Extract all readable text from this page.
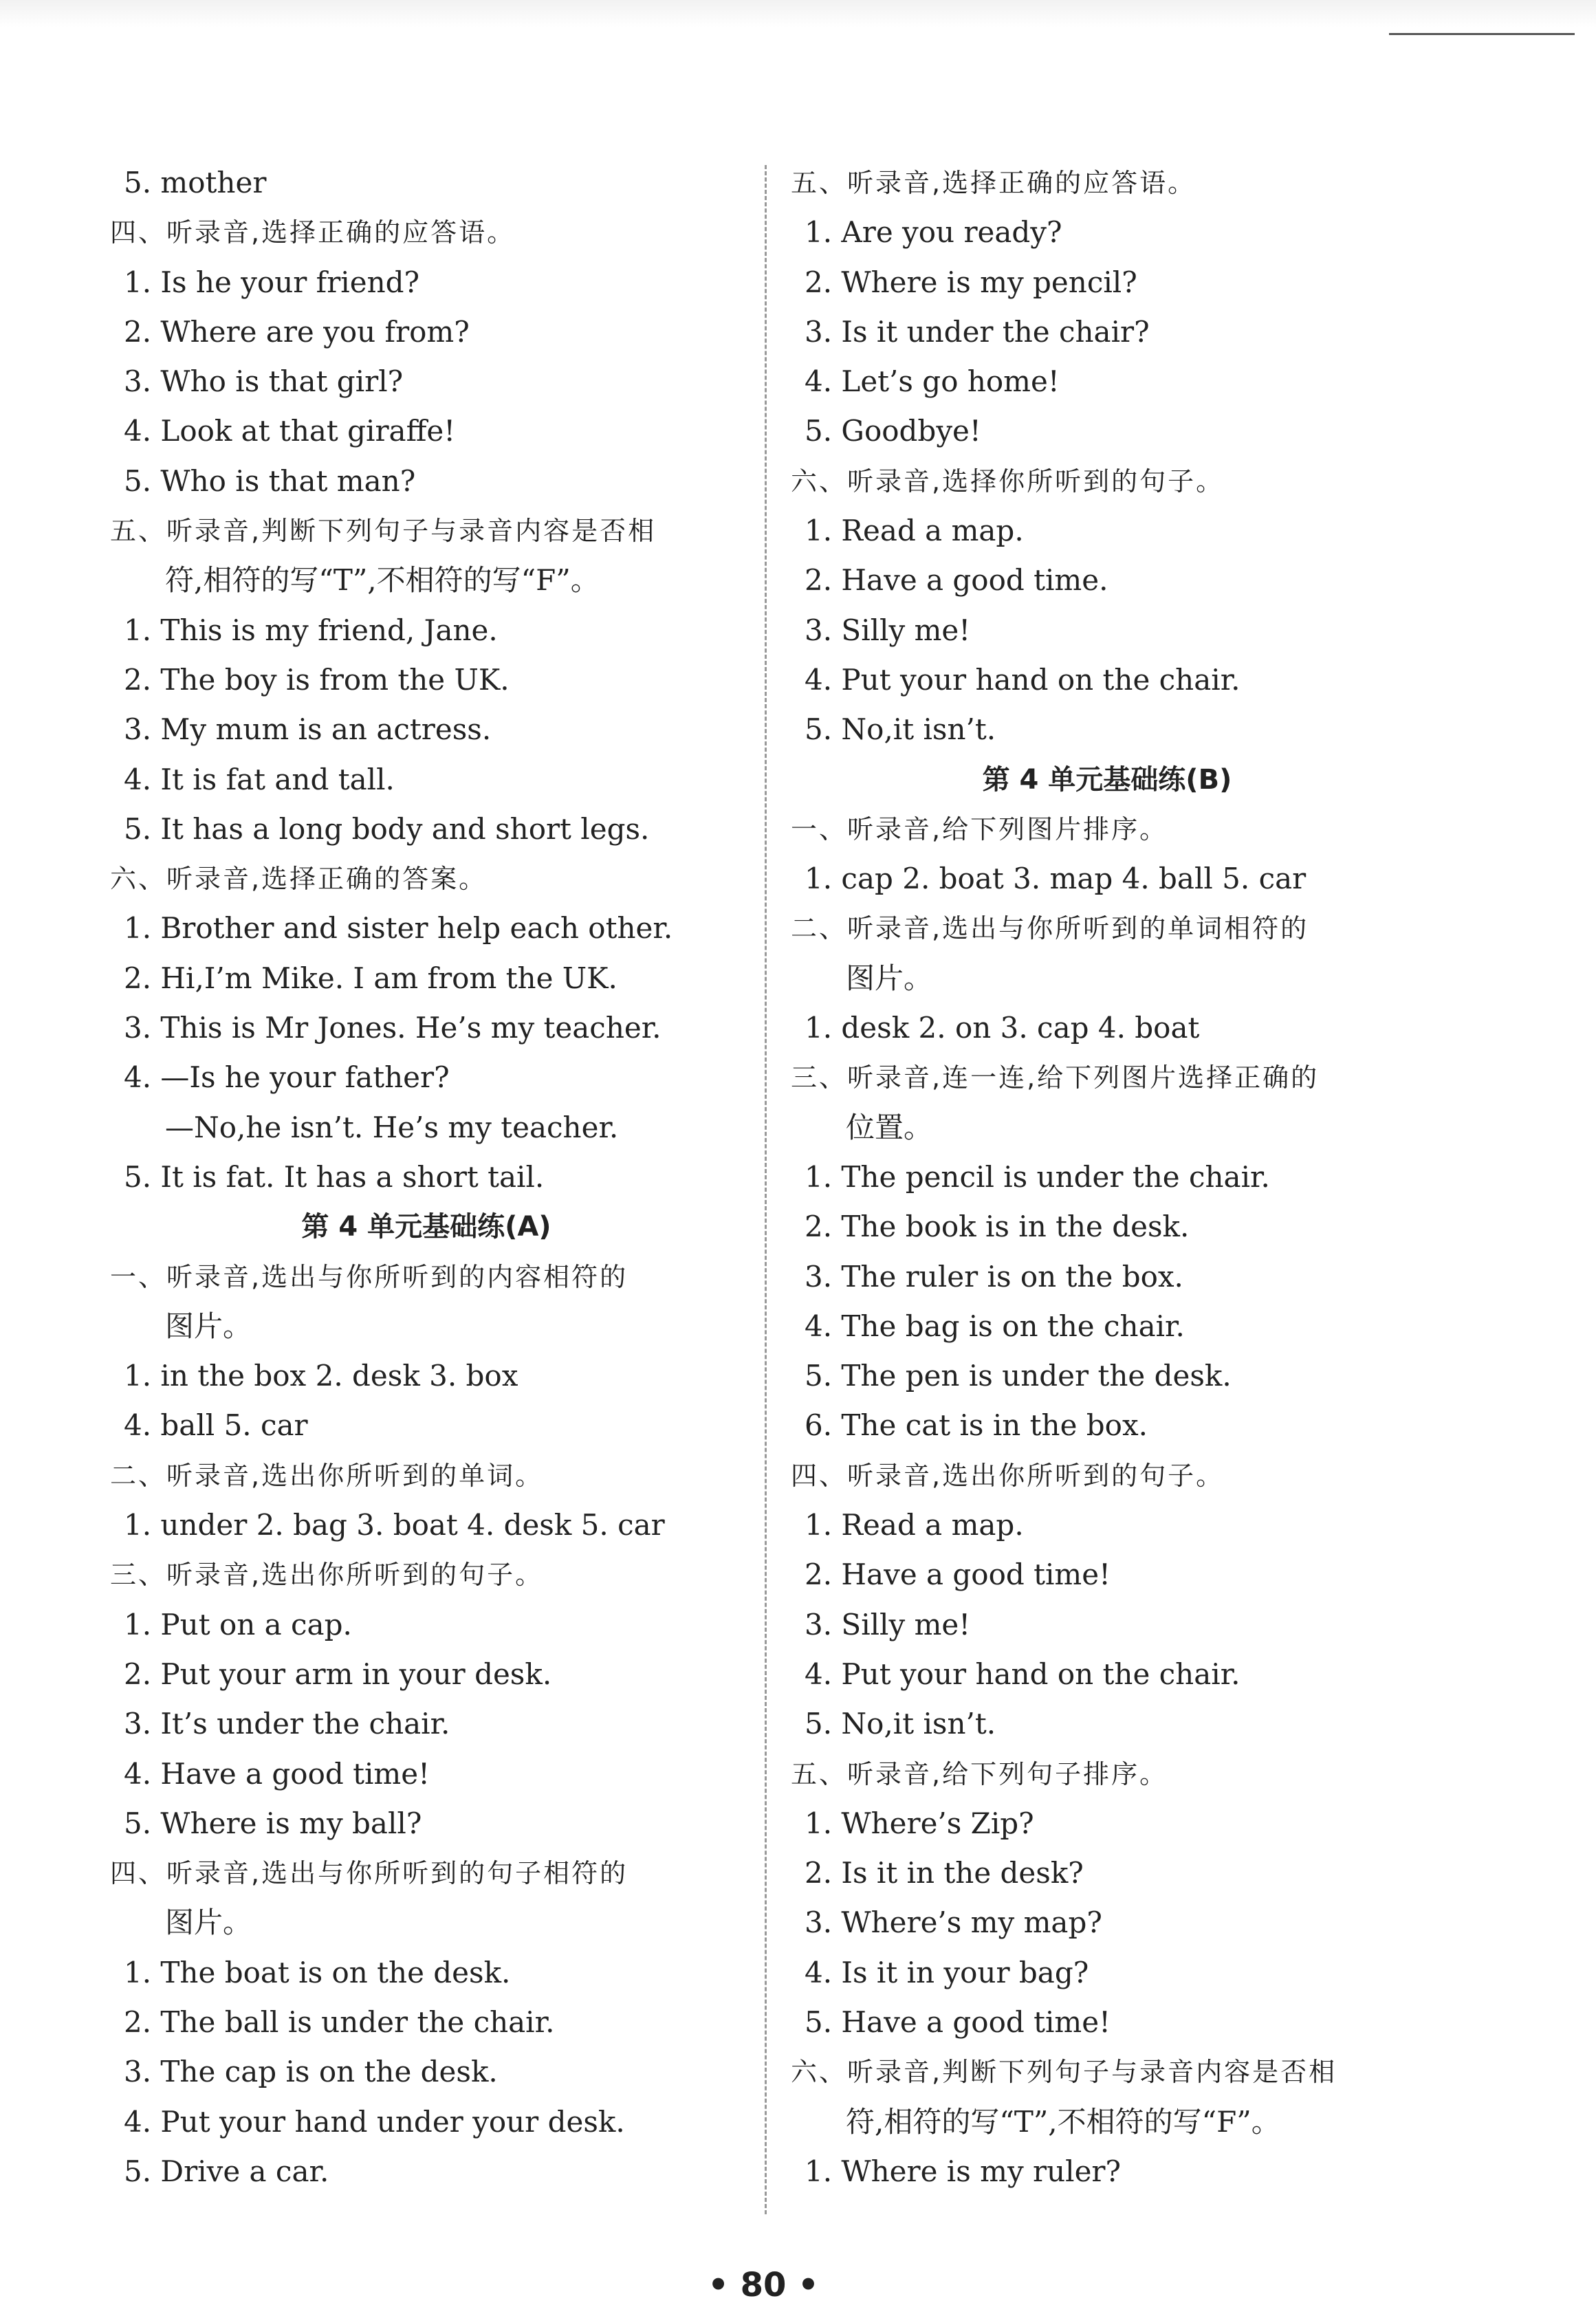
5. mother
四、听录音,选择正确的应答语。
1. Is he your friend?
2. Where are you from?
3. Who is that girl?
4. Look at that giraffe!
5. Who is that man?
五、听录音,判断下列句子与录音内容是否相
符,相符的写“T”,不相符的写“F”。
1. This is my friend, Jane.
2. The boy is from the UK.
3. My mum is an actress.
4. It is fat and tall.
5. It has a long body and short legs.
六、听录音,选择正确的答案。
1. Brother and sister help each other.
2. Hi,I’m Mike. I am from the UK.
3. This is Mr Jones. He’s my teacher.
4. —Is he your father?
—No,he isn’t. He’s my teacher.
5. It is fat. It has a short tail.
第 4 单元基础练(A)
一、听录音,选出与你所听到的内容相符的
图片。
1. in the box 2. desk 3. box
4. ball 5. car
二、听录音,选出你所听到的单词。
1. under 2. bag 3. boat 4. desk 5. car
三、听录音,选出你所听到的句子。
1. Put on a cap.
2. Put your arm in your desk.
3. It’s under the chair.
4. Have a good time!
5. Where is my ball?
四、听录音,选出与你所听到的句子相符的
图片。
1. The boat is on the desk.
2. The ball is under the chair.
3. The cap is on the desk.
4. Put your hand under your desk.
5. Drive a car.
五、听录音,选择正确的应答语。
1. Are you ready?
2. Where is my pencil?
3. Is it under the chair?
4. Let’s go home!
5. Goodbye!
六、听录音,选择你所听到的句子。
1. Read a map.
2. Have a good time.
3. Silly me!
4. Put your hand on the chair.
5. No,it isn’t.
第 4 单元基础练(B)
一、听录音,给下列图片排序。
1. cap 2. boat 3. map 4. ball 5. car
二、听录音,选出与你所听到的单词相符的
图片。
1. desk 2. on 3. cap 4. boat
三、听录音,连一连,给下列图片选择正确的
位置。
1. The pencil is under the chair.
2. The book is in the desk.
3. The ruler is on the box.
4. The bag is on the chair.
5. The pen is under the desk.
6. The cat is in the box.
四、听录音,选出你所听到的句子。
1. Read a map.
2. Have a good time!
3. Silly me!
4. Put your hand on the chair.
5. No,it isn’t.
五、听录音,给下列句子排序。
1. Where’s Zip?
2. Is it in the desk?
3. Where’s my map?
4. Is it in your bag?
5. Have a good time!
六、听录音,判断下列句子与录音内容是否相
符,相符的写“T”,不相符的写“F”。
1. Where is my ruler?
• 80 •
